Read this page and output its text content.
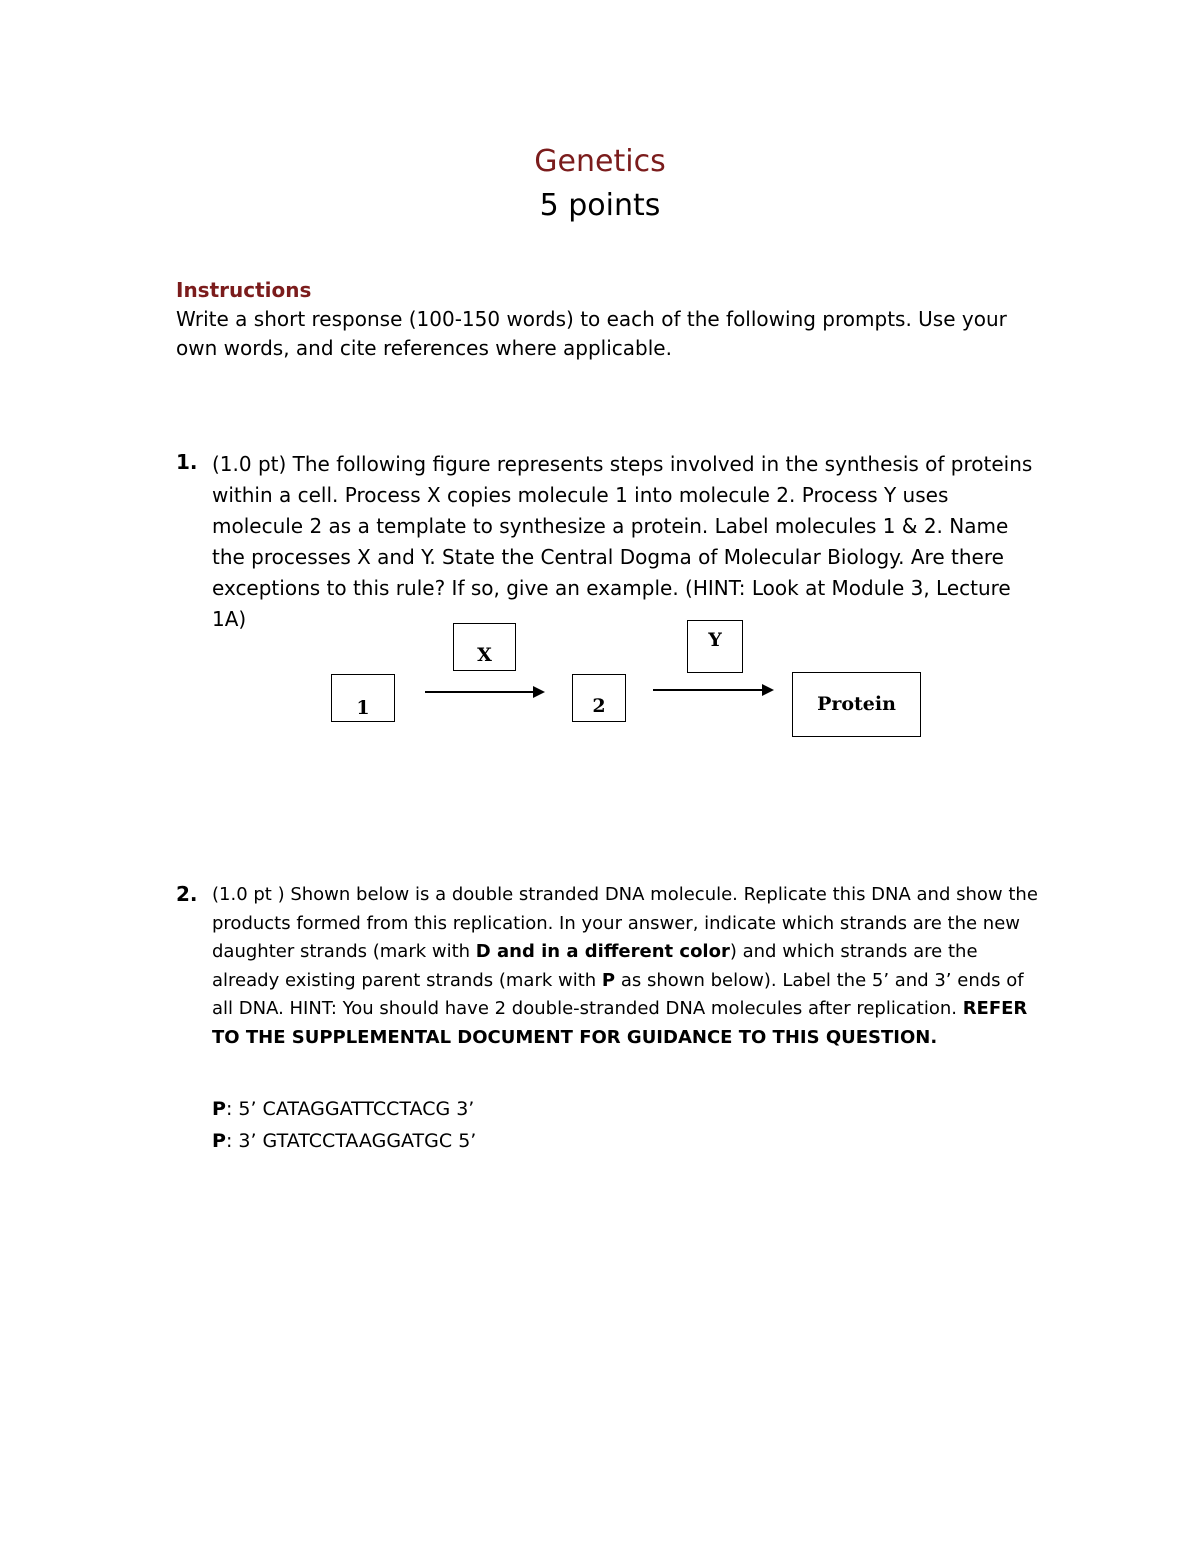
Genetics
5 points
Instructions
Write a short response (100-150 words) to each of the following prompts. Use your own words, and cite references where applicable.
1. (1.0 pt) The following figure represents steps involved in the synthesis of proteins within a cell. Process X copies molecule 1 into molecule 2. Process Y uses molecule 2 as a template to synthesize a protein. Label molecules 1 & 2. Name the processes X and Y. State the Central Dogma of Molecular Biology. Are there exceptions to this rule? If so, give an example. (HINT: Look at Module 3, Lecture 1A)
X
Y
1	2	Protein
2. (1.0 pt ) Shown below is a double stranded DNA molecule. Replicate this DNA and show the products formed from this replication. In your answer, indicate which strands are the new daughter strands (mark with D and in a different color) and which strands are the already existing parent strands (mark with P as shown below). Label the 5’ and 3’ ends of all DNA. HINT: You should have 2 double-stranded DNA molecules after replication. REFER TO THE SUPPLEMENTAL DOCUMENT FOR GUIDANCE TO THIS QUESTION.
P: 5’ CATAGGATTCCTACG 3’
P: 3’ GTATCCTAAGGATGC 5’
